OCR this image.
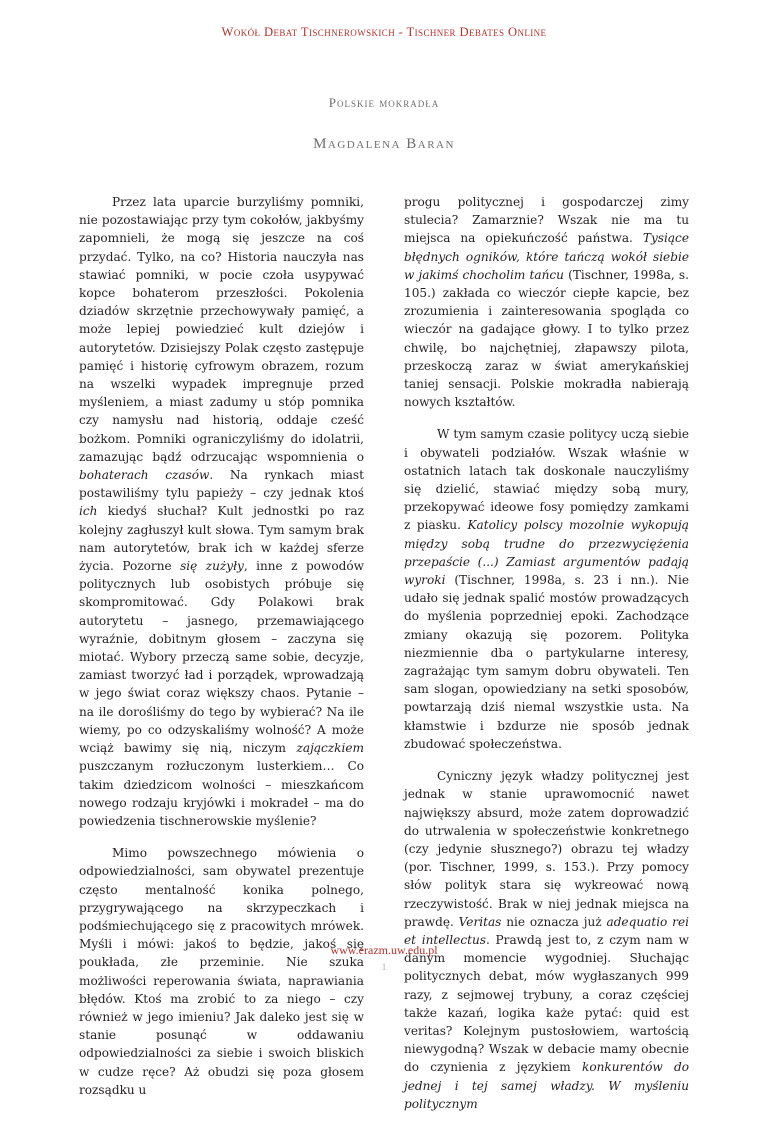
Wokół Debat Tischnerowskich - Tischner Debates Online
Polskie mokradła
Magdalena Baran

Przez lata uparcie burzyliśmy pomniki, nie pozostawiając przy tym cokołów, jakbyśmy zapomnieli, że mogą się jeszcze na coś przydać. Tylko, na co? Historia nauczyła nas stawiać pomniki, w pocie czoła usypywać kopce bohaterom przeszłości. Pokolenia dziadów skrzętnie przechowywały pamięć, a może lepiej powiedzieć kult dziejów i autorytetów. Dzisiejszy Polak często zastępuje pamięć i historię cyfrowym obrazem, rozum na wszelki wypadek impregnuje przed myśleniem, a miast zadumy u stóp pomnika czy namysłu nad historią, oddaje cześć bożkom. Pomniki ograniczyliśmy do idolatrii, zamazując bądź odrzucając wspomnienia o bohaterach czasów. Na rynkach miast postawiliśmy tylu papieży – czy jednak ktoś ich kiedyś słuchał? Kult jednostki po raz kolejny zagłuszył kult słowa. Tym samym brak nam autorytetów, brak ich w każdej sferze życia. Pozorne się zużyły, inne z powodów politycznych lub osobistych próbuje się skompromitować. Gdy Polakowi brak autorytetu – jasnego, przemawiającego wyraźnie, dobitnym głosem – zaczyna się miotać. Wybory przeczą same sobie, decyzje, zamiast tworzyć ład i porządek, wprowadzają w jego świat coraz większy chaos. Pytanie – na ile dorośliśmy do tego by wybierać? Na ile wiemy, po co odzyskaliśmy wolność? A może wciąż bawimy się nią, niczym zajączkiem puszczanym rozłuczonym lusterkiem… Co takim dziedzicom wolności – mieszkańcom nowego rodzaju kryjówki i mokradeł – ma do powiedzenia tischnerowskie myślenie?

Mimo powszechnego mówienia o odpowiedzialności, sam obywatel prezentuje często mentalność konika polnego, przygrywającego na skrzypeczkach i podśmiechującego się z pracowitych mrówek. Myśli i mówi: jakoś to będzie, jakoś się poukłada, złe przeminie. Nie szuka możliwości reperowania świata, naprawiania błędów. Ktoś ma zrobić to za niego – czy również w jego imieniu? Jak daleko jest się w stanie posunąć w oddawaniu odpowiedzialności za siebie i swoich bliskich w cudze ręce? Aż obudzi się poza głosem rozsądku u

progu politycznej i gospodarczej zimy stulecia? Zamarznie? Wszak nie ma tu miejsca na opiekuńczość państwa. Tysiące błędnych ogników, które tańczą wokół siebie w jakimś chocholim tańcu (Tischner, 1998a, s. 105.) zakłada co wieczór ciepłe kapcie, bez zrozumienia i zainteresowania spogląda co wieczór na gadające głowy. I to tylko przez chwilę, bo najchętniej, złapawszy pilota, przeskoczą zaraz w świat amerykańskiej taniej sensacji. Polskie mokradła nabierają nowych kształtów.

W tym samym czasie politycy uczą siebie i obywateli podziałów. Wszak właśnie w ostatnich latach tak doskonale nauczyliśmy się dzielić, stawiać między sobą mury, przekopywać ideowe fosy pomiędzy zamkami z piasku. Katolicy polscy mozolnie wykopują między sobą trudne do przezwyciężenia przepaście (...) Zamiast argumentów padają wyroki (Tischner, 1998a, s. 23 i nn.). Nie udało się jednak spalić mostów prowadzących do myślenia poprzedniej epoki. Zachodzące zmiany okazują się pozorem. Polityka niezmiennie dba o partykularne interesy, zagrażając tym samym dobru obywateli. Ten sam slogan, opowiedziany na setki sposobów, powtarzają dziś niemal wszystkie usta. Na kłamstwie i bzdurze nie sposób jednak zbudować społeczeństwa.

Cyniczny język władzy politycznej jest jednak w stanie uprawomocnić nawet największy absurd, może zatem doprowadzić do utrwalenia w społeczeństwie konkretnego (czy jedynie słusznego?) obrazu tej władzy (por. Tischner, 1999, s. 153.). Przy pomocy słów polityk stara się wykreować nową rzeczywistość. Brak w niej jednak miejsca na prawdę. Veritas nie oznacza już adequatio rei et intellectus. Prawdą jest to, z czym nam w danym momencie wygodniej. Słuchając politycznych debat, mów wygłaszanych 999 razy, z sejmowej trybuny, a coraz częściej także kazań, logika każe pytać: quid est veritas? Kolejnym pustosłowiem, wartością niewygodną? Wszak w debacie mamy obecnie do czynienia z językiem konkurentów do jednej i tej samej władzy. W myśleniu politycznym

www.erazm.uw.edu.pl
1
